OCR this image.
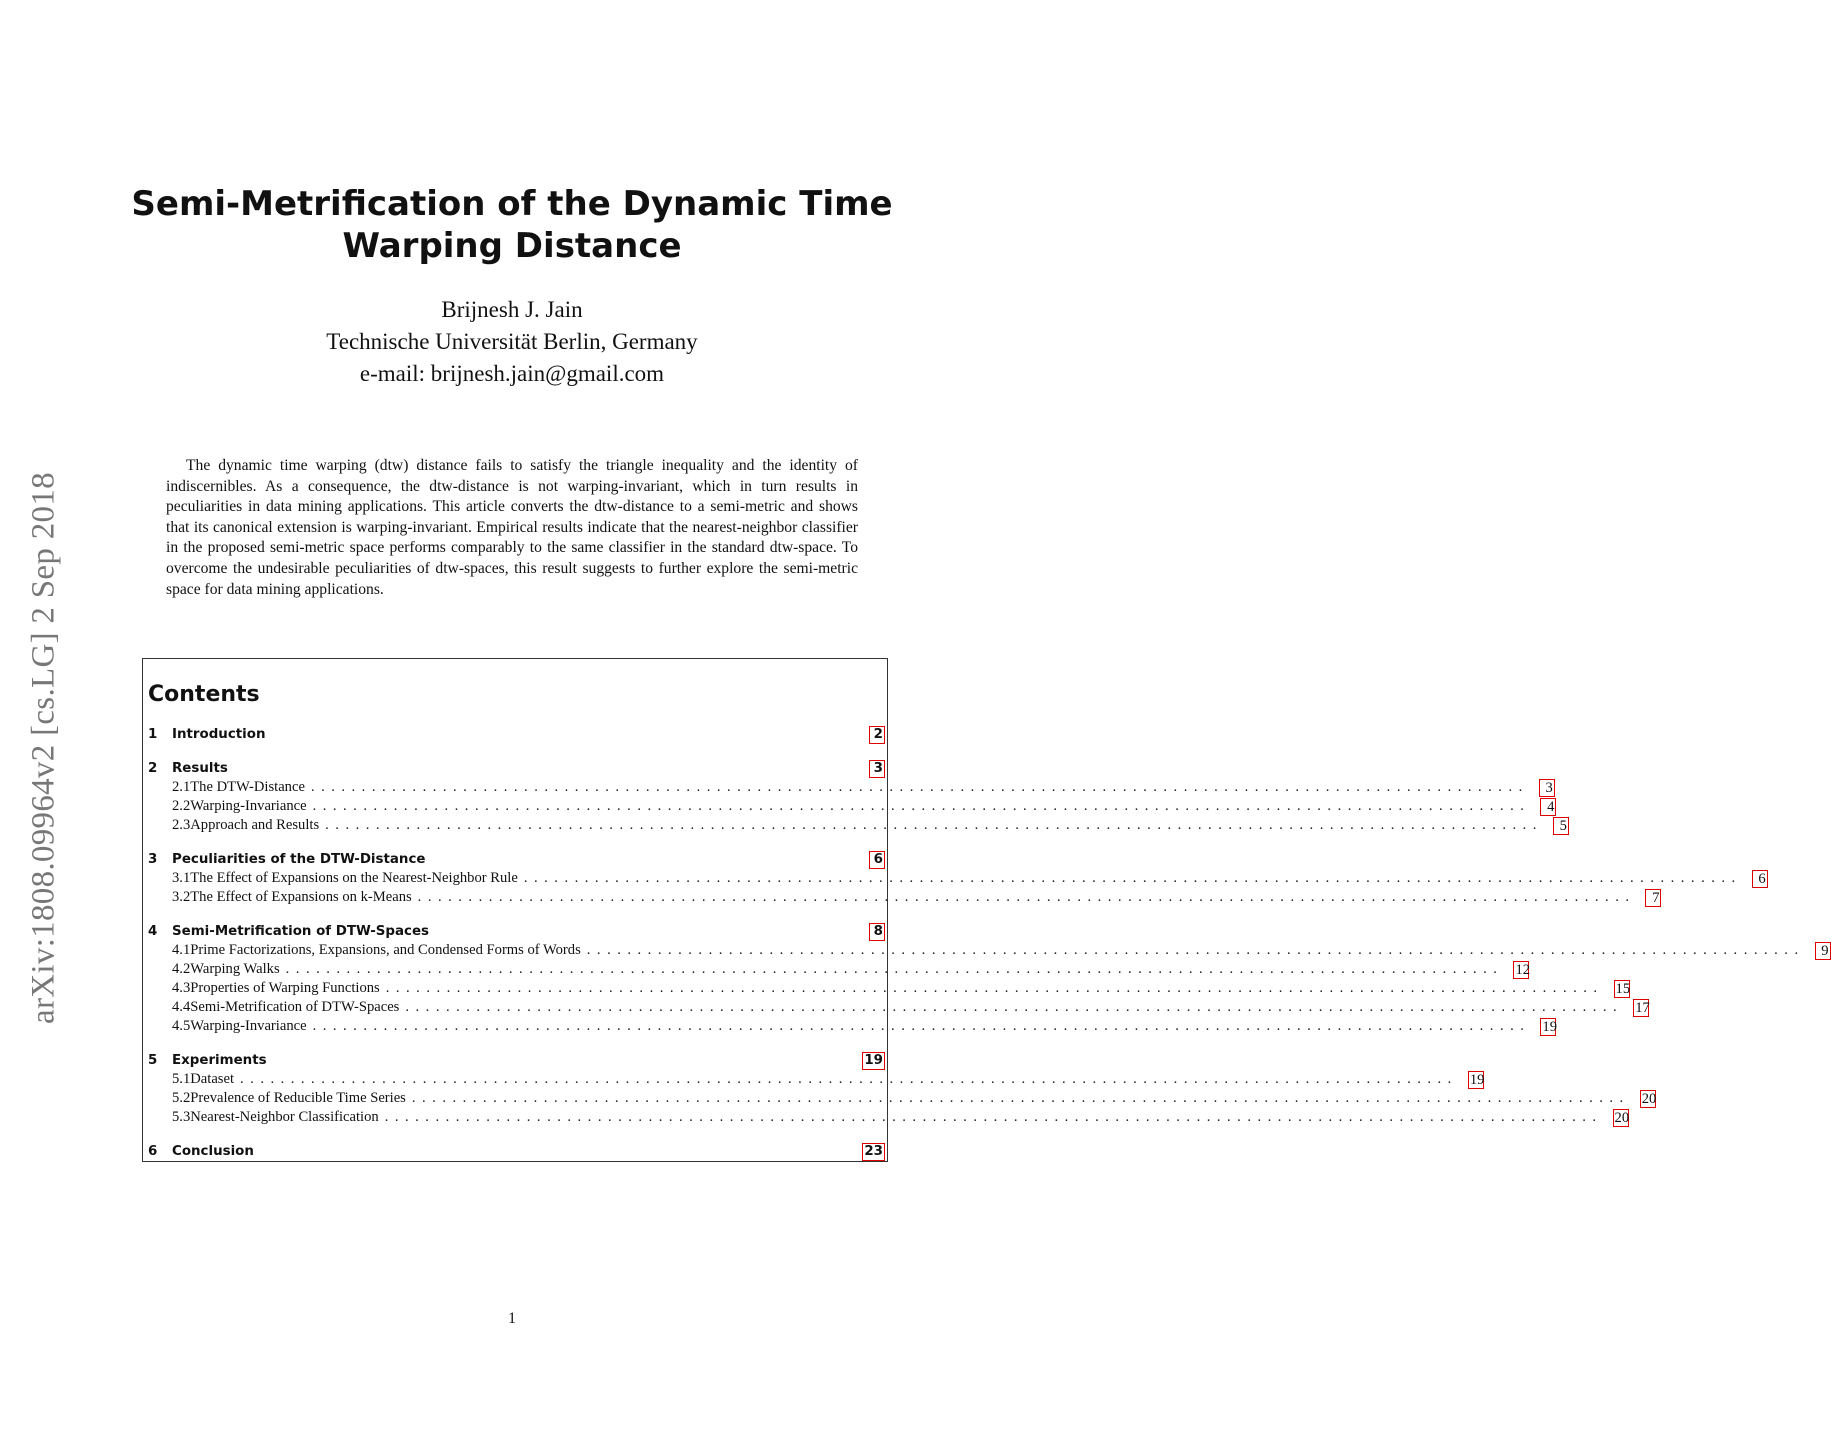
arXiv:1808.09964v2 [cs.LG] 2 Sep 2018
Semi-Metrification of the Dynamic Time
Warping Distance
Brijnesh J. Jain
Technische Universität Berlin, Germany
e-mail: brijnesh.jain@gmail.com

The dynamic time warping (dtw) distance fails to satisfy the triangle inequality and the identity of indiscernibles. As a consequence, the dtw-distance is not warping-invariant, which in turn results in peculiarities in data mining applications. This article converts the dtw-distance to a semi-metric and shows that its canonical extension is warping-invariant. Empirical results indicate that the nearest-neighbor classifier in the proposed semi-metric space performs comparably to the same classifier in the standard dtw-space. To overcome the undesirable peculiarities of dtw-spaces, this result suggests to further explore the semi-metric space for data mining applications.

Contents
1	Introduction	2
2	Results	3
2.1 The DTW-Distance ........................................................................................................................	3
2.2 Warping-Invariance ........................................................................................................................	4
2.3 Approach and Results ........................................................................................................................	5
3	Peculiarities of the DTW-Distance	6
3.1 The Effect of Expansions on the Nearest-Neighbor Rule ........................................................................................................................	6
3.2 The Effect of Expansions on k-Means ........................................................................................................................	7
4	Semi-Metrification of DTW-Spaces	8
4.1 Prime Factorizations, Expansions, and Condensed Forms of Words ........................................................................................................................	9
4.2 Warping Walks ........................................................................................................................ 12
4.3 Properties of Warping Functions ........................................................................................................................ 15
4.4 Semi-Metrification of DTW-Spaces ........................................................................................................................ 17
4.5 Warping-Invariance ........................................................................................................................ 19
5	Experiments	19
5.1 Dataset ........................................................................................................................ 19
5.2 Prevalence of Reducible Time Series ........................................................................................................................ 20
5.3 Nearest-Neighbor Classification ........................................................................................................................ 20
6	Conclusion	23
1
